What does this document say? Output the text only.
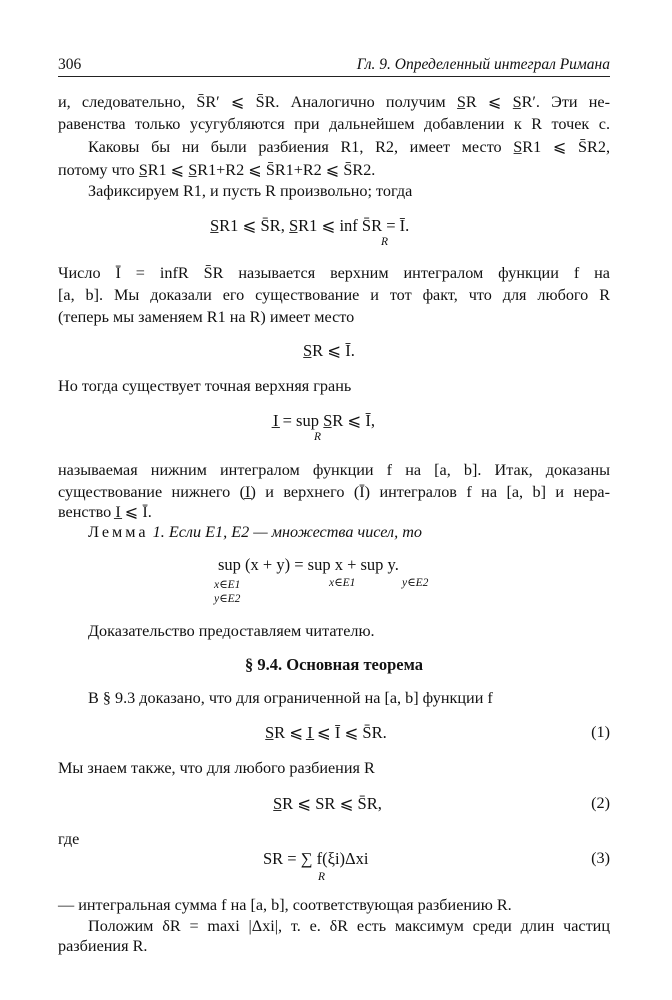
306	Гл. 9. Определенный интеграл Римана
и, следовательно, S̄R′ ⩽ S̄R. Аналогично получим S̲R ⩽ S̲R′. Эти не-
равенства только усугубляются при дальнейшем добавлении к R точек c.
Каковы бы ни были разбиения R1, R2, имеет место S̲R1 ⩽ S̄R2,
потому что S̲R1 ⩽ S̲R1+R2 ⩽ S̄R1+R2 ⩽ S̄R2.
Зафиксируем R1, и пусть R произвольно; тогда
S̲R1 ⩽ S̄R, S̲R1 ⩽ inf S̄R = Ī.
R
Число Ī = infR S̄R называется верхним интегралом функции f на
[a, b]. Мы доказали его существование и тот факт, что для любого R
(теперь мы заменяем R1 на R) имеет место
S̲R ⩽ Ī.
Но тогда существует точная верхняя грань
I̲ = sup S̲R ⩽ Ī,
R
называемая нижним интегралом функции f на [a, b]. Итак, доказаны
существование нижнего (I̲) и верхнего (Ī) интегралов f на [a, b] и нера-
венство I̲ ⩽ Ī.
Лемма 1. Если E1, E2 — множества чисел, то
sup (x + y) = sup x + sup y.
x∈E1
y∈E2
x∈E1	y∈E2
Доказательство предоставляем читателю.
§ 9.4. Основная теорема
В § 9.3 доказано, что для ограниченной на [a, b] функции f
S̲R ⩽ I̲ ⩽ Ī ⩽ S̄R.	(1)
Мы знаем также, что для любого разбиения R
S̲R ⩽ SR ⩽ S̄R,	(2)
где
SR = ∑ f(ξi)Δxi
R
(3)
— интегральная сумма f на [a, b], соответствующая разбиению R.
Положим δR = maxi |Δxi|, т. е. δR есть максимум среди длин частиц
разбиения R.
